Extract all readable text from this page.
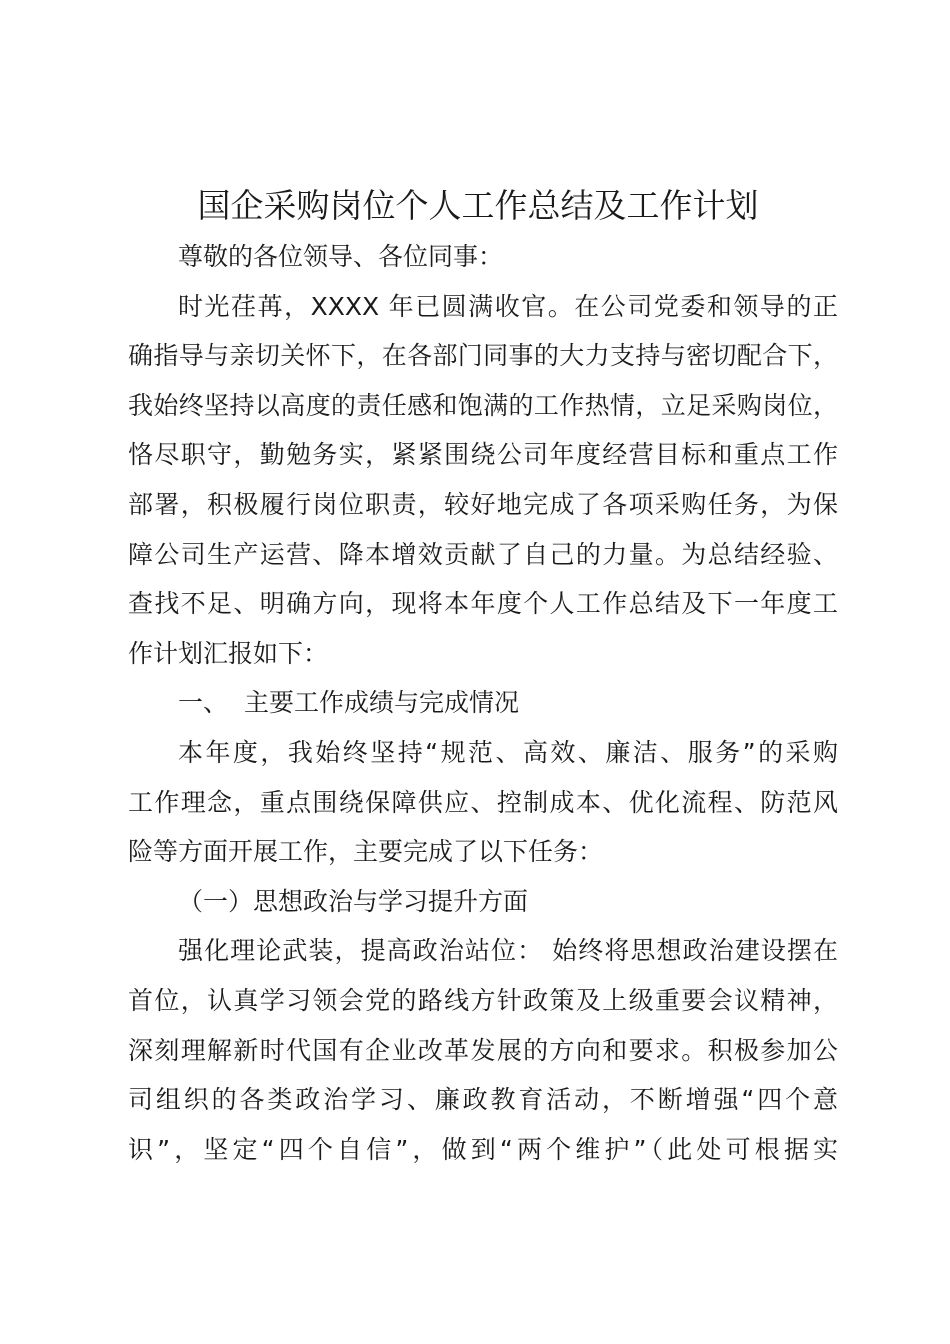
国企采购岗位个人工作总结及工作计划
尊敬的各位领导、各位同事：
时光荏苒，XXXX 年已圆满收官。在公司党委和领导的正
确指导与亲切关怀下，在各部门同事的大力支持与密切配合下，
我始终坚持以高度的责任感和饱满的工作热情，立足采购岗位，
恪尽职守，勤勉务实，紧紧围绕公司年度经营目标和重点工作
部署，积极履行岗位职责，较好地完成了各项采购任务，为保
障公司生产运营、降本增效贡献了自己的力量。为总结经验、
查找不足、明确方向，现将本年度个人工作总结及下一年度工
作计划汇报如下：
一、 主要工作成绩与完成情况
本年度，我始终坚持“规范、高效、廉洁、服务”的采购
工作理念，重点围绕保障供应、控制成本、优化流程、防范风
险等方面开展工作，主要完成了以下任务：
（一）思想政治与学习提升方面
强化理论武装，提高政治站位： 始终将思想政治建设摆在
首位，认真学习领会党的路线方针政策及上级重要会议精神，
深刻理解新时代国有企业改革发展的方向和要求。积极参加公
司组织的各类政治学习、廉政教育活动，不断增强“四个意
识”，坚定“四个自信”，做到“两个维护”（此处可根据实
